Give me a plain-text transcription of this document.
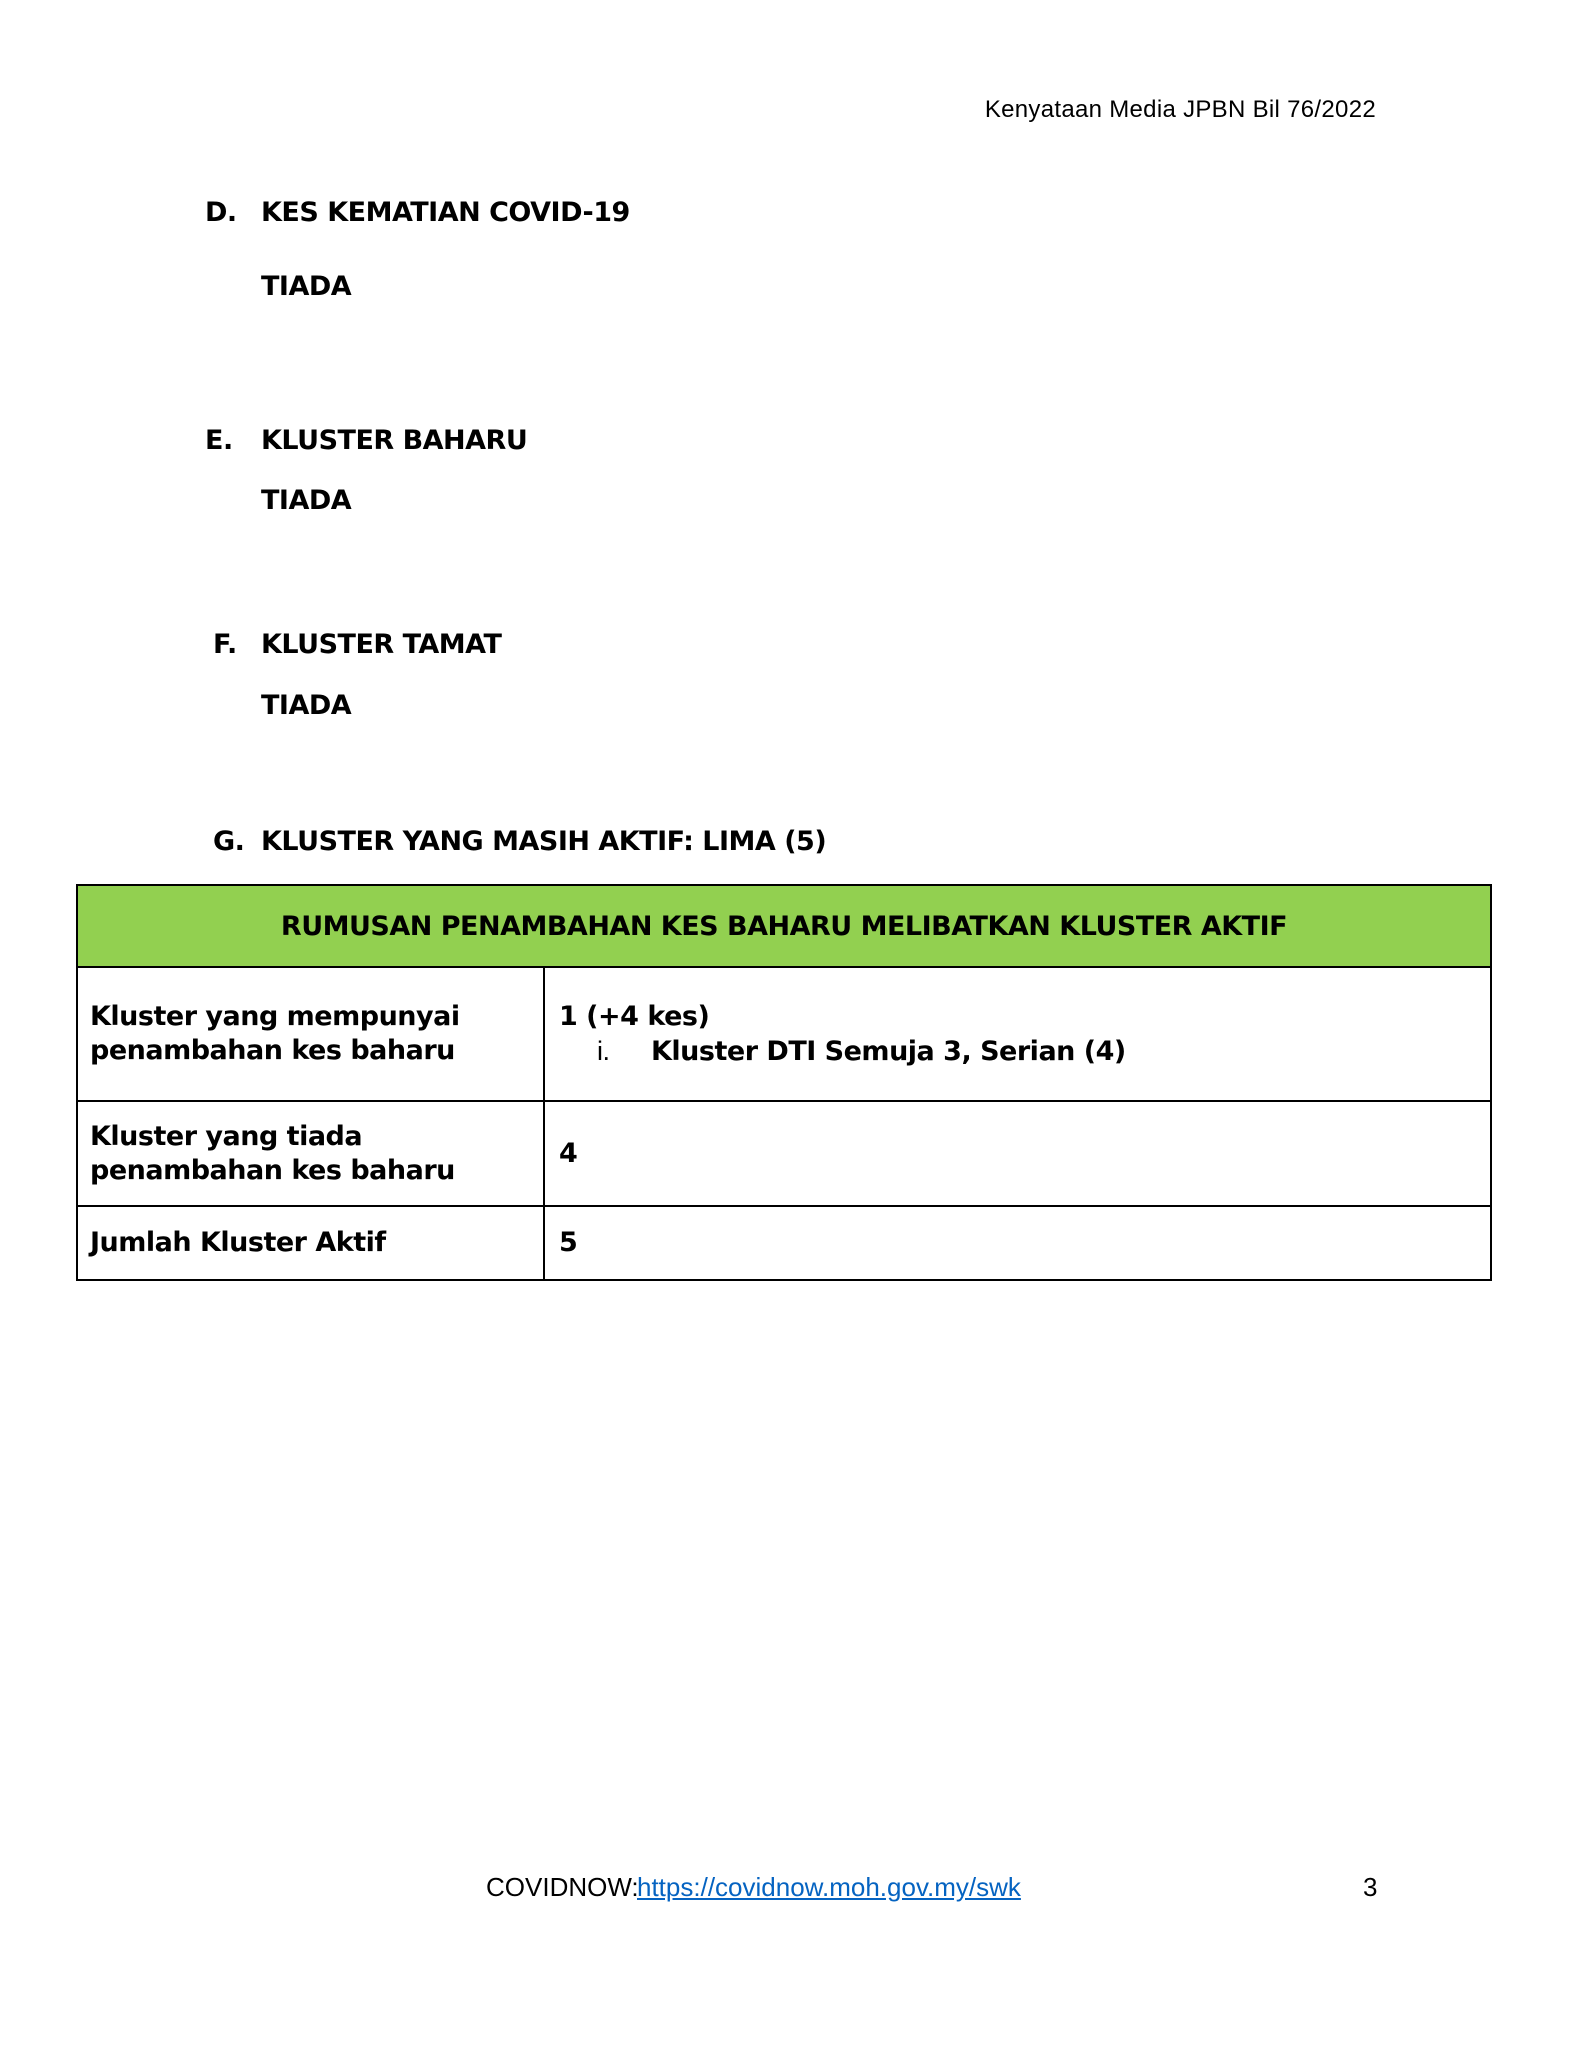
Kenyataan Media JPBN Bil 76/2022
D. KES KEMATIAN COVID-19
TIADA
E. KLUSTER BAHARU
TIADA
F. KLUSTER TAMAT
TIADA
G. KLUSTER YANG MASIH AKTIF: LIMA (5)
RUMUSAN PENAMBAHAN KES BAHARU MELIBATKAN KLUSTER AKTIF	
Kluster yang mempunyai penambahan kes baharu	1 (+4 kes)
i. Kluster DTI Semuja 3, Serian (4)

Kluster yang tiada penambahan kes baharu	4
Jumlah Kluster Aktif	5
COVIDNOW:
https://covidnow.moh.gov.my/swk	3
